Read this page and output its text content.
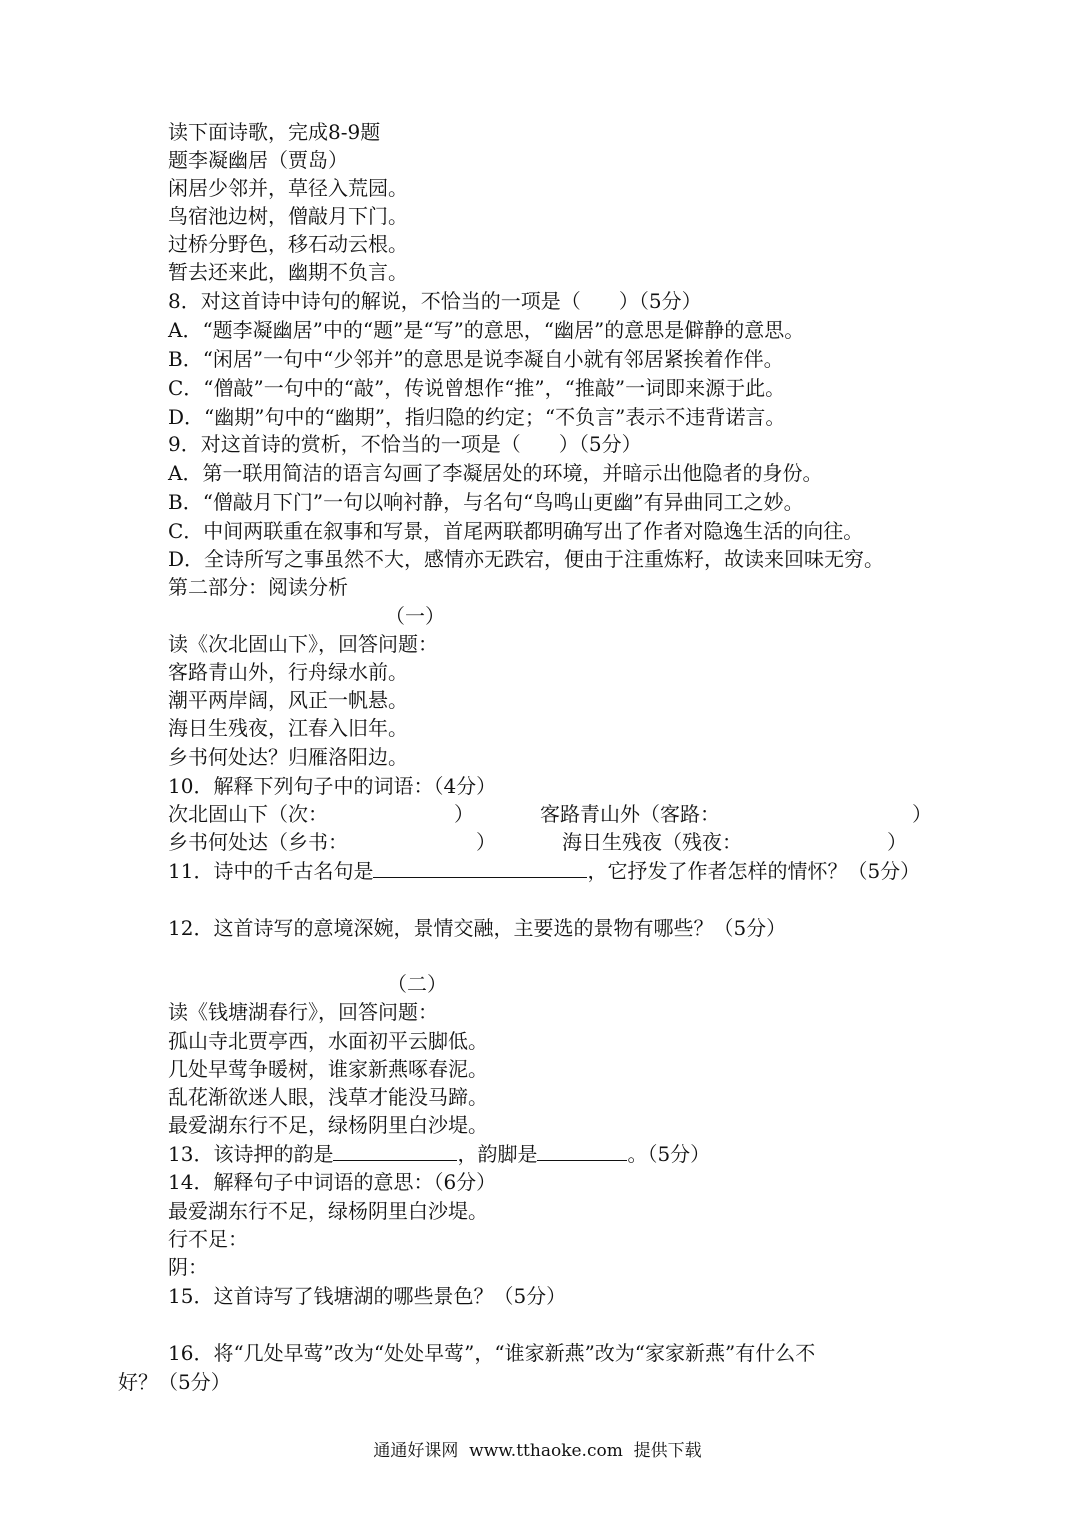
读下面诗歌，完成8-9题
题李凝幽居（贾岛）
闲居少邻并，草径入荒园。
鸟宿池边树，僧敲月下门。
过桥分野色，移石动云根。
暂去还来此，幽期不负言。
8．对这首诗中诗句的解说，不恰当的一项是（      ）（5分）
A．“题李凝幽居”中的“题”是“写”的意思，“幽居”的意思是僻静的意思。
B．“闲居”一句中“少邻并”的意思是说李凝自小就有邻居紧挨着作伴。
C．“僧敲”一句中的“敲”，传说曾想作“推”，“推敲”一词即来源于此。
D．“幽期”句中的“幽期”，指归隐的约定；“不负言”表示不违背诺言。
9．对这首诗的赏析，不恰当的一项是（      ）（5分）
A．第一联用简洁的语言勾画了李凝居处的环境，并暗示出他隐者的身份。
B．“僧敲月下门”一句以响衬静，与名句“鸟鸣山更幽”有异曲同工之妙。
C．中间两联重在叙事和写景，首尾两联都明确写出了作者对隐逸生活的向往。
D．全诗所写之事虽然不大，感情亦无跌宕，便由于注重炼籽，故读来回味无穷。
第二部分：阅读分析
（一）
读《次北固山下》，回答问题：
客路青山外，行舟绿水前。
潮平两岸阔，风正一帆悬。
海日生残夜，江春入旧年。
乡书何处达？归雁洛阳边。
10．解释下列句子中的词语：（4分）
次北固山下（次：	）	客路青山外（客路：	）
乡书何处达（乡书：	）	海日生残夜（残夜：	）
11．诗中的千古名句是	，它抒发了作者怎样的情怀？（5分）
12．这首诗写的意境深婉，景情交融，主要选的景物有哪些？（5分）
（二）
读《钱塘湖春行》，回答问题：
孤山寺北贾亭西，水面初平云脚低。
几处早莺争暖树，谁家新燕啄春泥。
乱花渐欲迷人眼，浅草才能没马蹄。
最爱湖东行不足，绿杨阴里白沙堤。
13．该诗押的韵是	，韵脚是	。（5分）
14．解释句子中词语的意思：（6分）
最爱湖东行不足，绿杨阴里白沙堤。
行不足：
阴：
15．这首诗写了钱塘湖的哪些景色？（5分）
16．将“几处早莺”改为“处处早莺”，“谁家新燕”改为“家家新燕”有什么不
好？（5分）
通通好课网  www.tthaoke.com  提供下载
